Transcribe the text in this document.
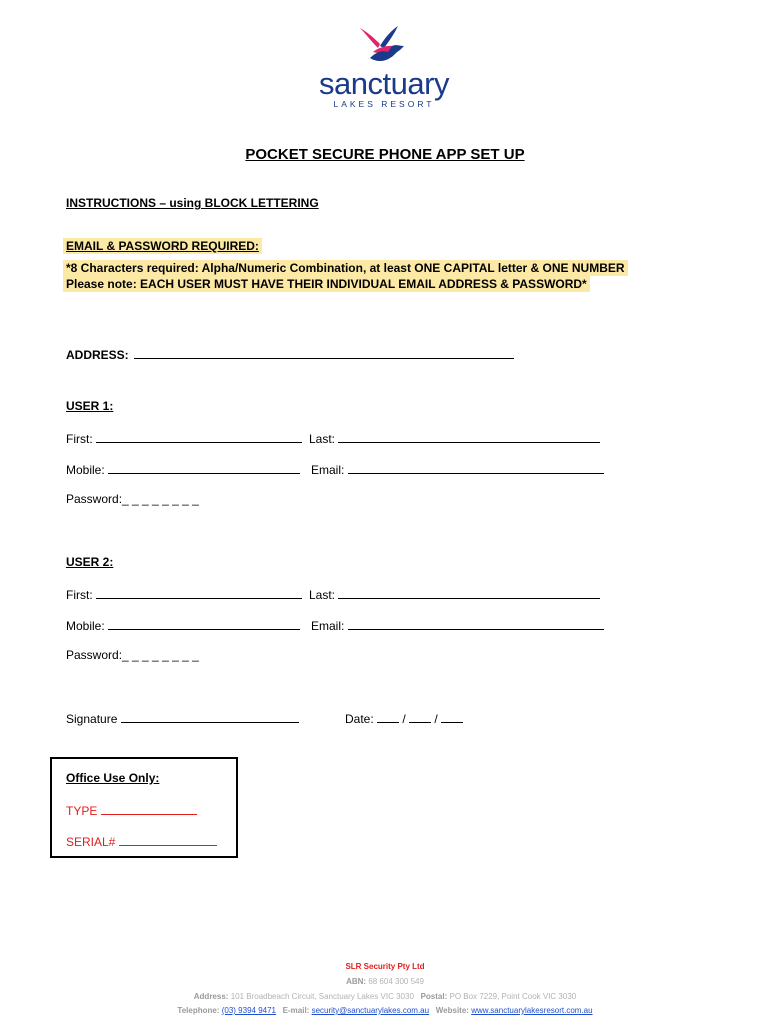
sanctuary
LAKES RESORT
POCKET SECURE PHONE APP SET UP
INSTRUCTIONS – using BLOCK LETTERING
EMAIL & PASSWORD REQUIRED:
*8 Characters required: Alpha/Numeric Combination, at least ONE CAPITAL letter & ONE NUMBER
Please note: EACH USER MUST HAVE THEIR INDIVIDUAL EMAIL ADDRESS & PASSWORD*
ADDRESS:
USER 1:
First:	Last:
Mobile:	Email:
Password:_ _ _ _ _ _ _ _
USER 2:
First:	Last:
Mobile:	Email:
Password:_ _ _ _ _ _ _ _
Signature	Date: / /
Office Use Only:
TYPE
SERIAL#
SLR Security Pty Ltd
ABN: 68 604 300 549
Address: 101 Broadbeach Circuit, Sanctuary Lakes VIC 3030 Postal: PO Box 7229, Point Cook VIC 3030
Telephone: (03) 9394 9471 E-mail: security@sanctuarylakes.com.au Website: www.sanctuarylakesresort.com.au
